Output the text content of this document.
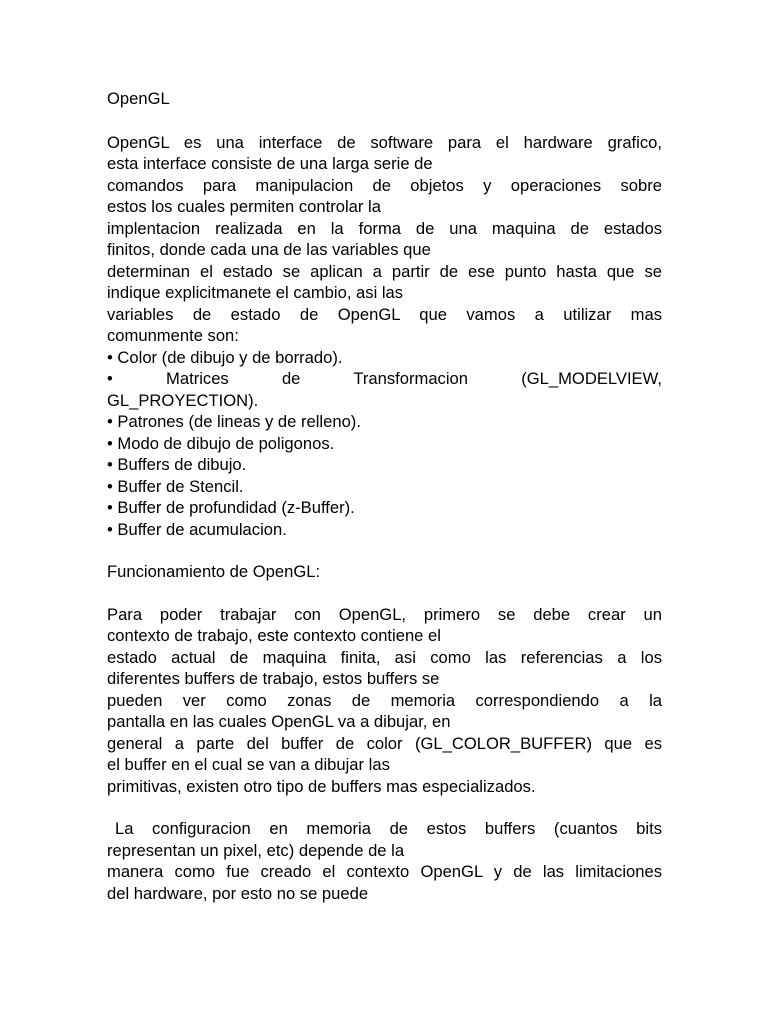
OpenGL
OpenGL es una interface de software para el hardware grafico,
esta interface consiste de una larga serie de
comandos para manipulacion de objetos y operaciones sobre
estos los cuales permiten controlar la
implentacion realizada en la forma de una maquina de estados
finitos, donde cada una de las variables que
determinan el estado se aplican a partir de ese punto hasta que se
indique explicitmanete el cambio, asi las
variables de estado de OpenGL que vamos a utilizar mas
comunmente son:
• Color (de dibujo y de borrado).
• Matrices de Transformacion (GL_MODELVIEW,
GL_PROYECTION).
• Patrones (de lineas y de relleno).
• Modo de dibujo de poligonos.
• Buffers de dibujo.
• Buffer de Stencil.
• Buffer de profundidad (z-Buffer).
• Buffer de acumulacion.
Funcionamiento de OpenGL:
Para poder trabajar con OpenGL, primero se debe crear un
contexto de trabajo, este contexto contiene el
estado actual de maquina finita, asi como las referencias a los
diferentes buffers de trabajo, estos buffers se
pueden ver como zonas de memoria correspondiendo a la
pantalla en las cuales OpenGL va a dibujar, en
general a parte del buffer de color (GL_COLOR_BUFFER) que es
el buffer en el cual se van a dibujar las
primitivas, existen otro tipo de buffers mas especializados.
La configuracion en memoria de estos buffers (cuantos bits
representan un pixel, etc) depende de la
manera como fue creado el contexto OpenGL y de las limitaciones
del hardware, por esto no se puede
